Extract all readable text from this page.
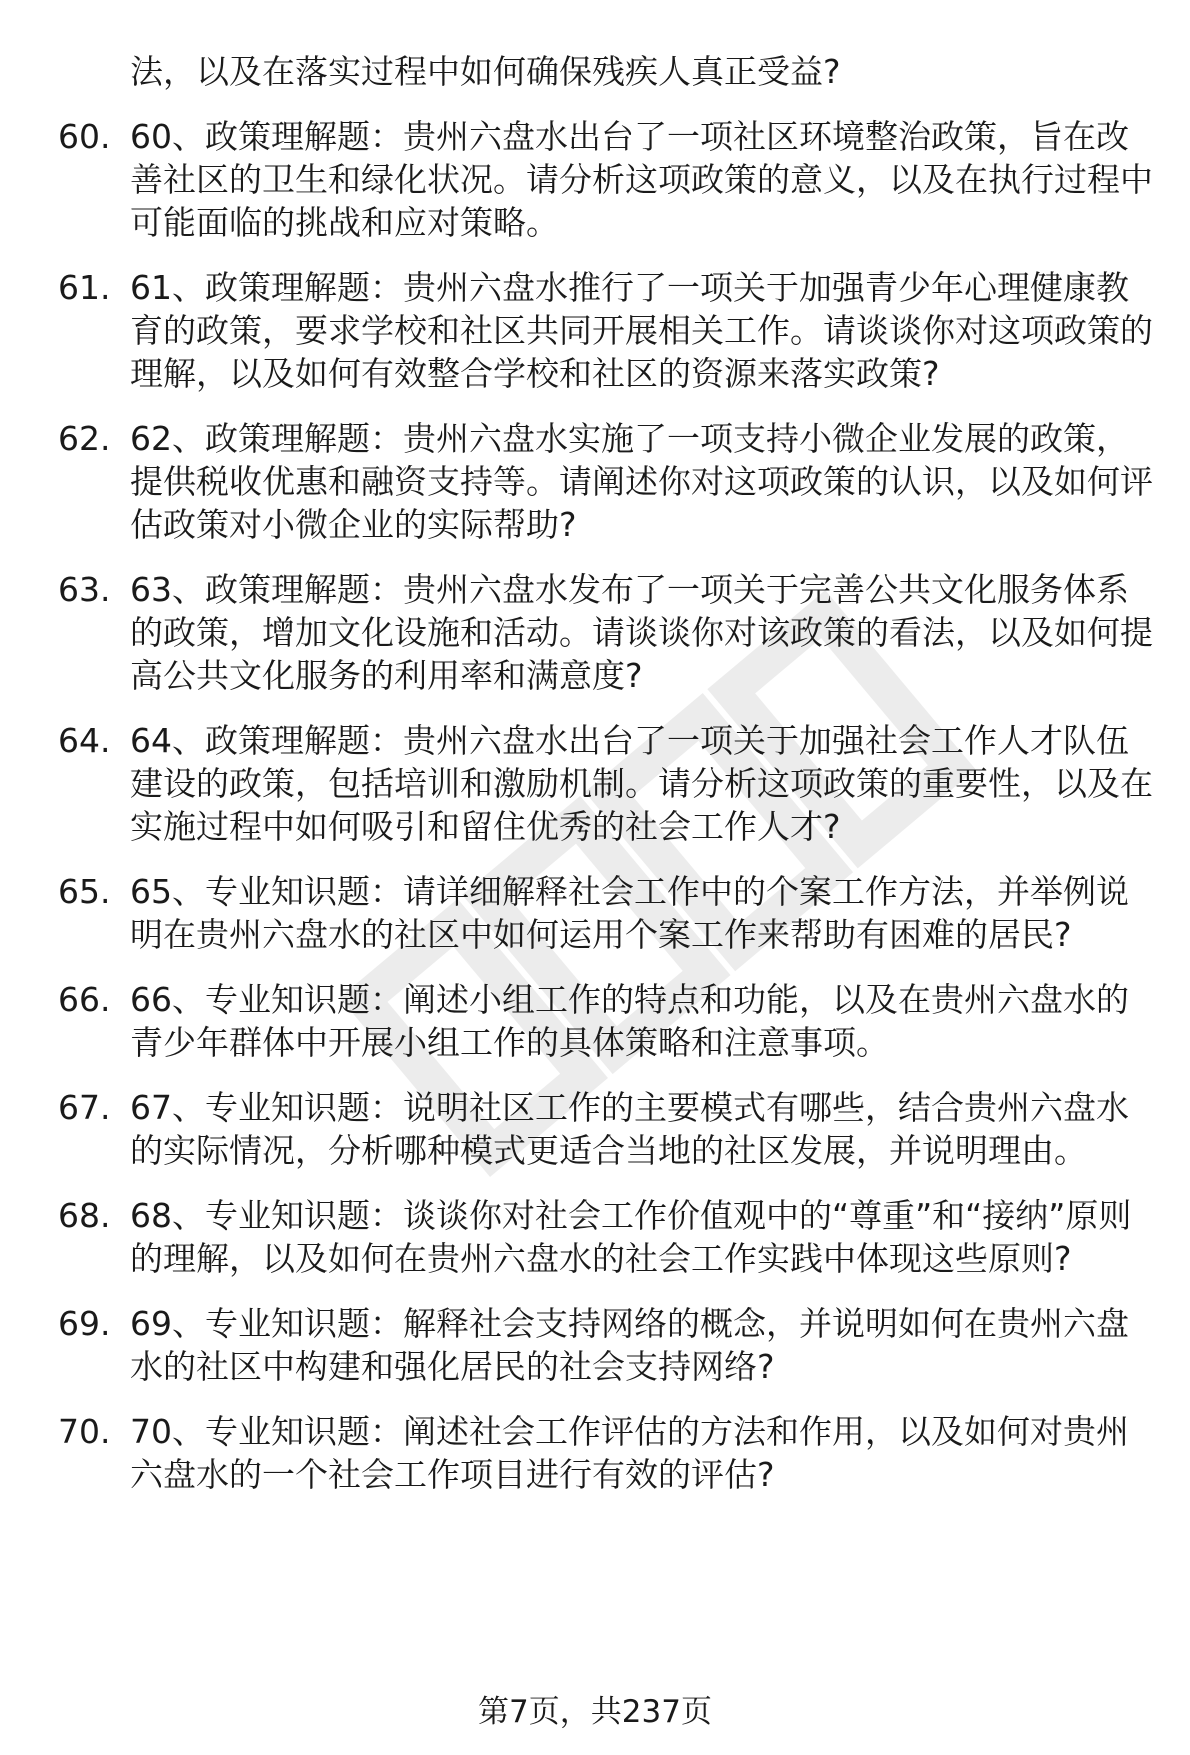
法，以及在落实过程中如何确保残疾人真正受益?
60. 60、政策理解题：贵州六盘水出台了一项社区环境整治政策，旨在改善社区的卫生和绿化状况。请分析这项政策的意义，以及在执行过程中可能面临的挑战和应对策略。
61. 61、政策理解题：贵州六盘水推行了一项关于加强青少年心理健康教育的政策，要求学校和社区共同开展相关工作。请谈谈你对这项政策的理解，以及如何有效整合学校和社区的资源来落实政策?
62. 62、政策理解题：贵州六盘水实施了一项支持小微企业发展的政策，提供税收优惠和融资支持等。请阐述你对这项政策的认识，以及如何评估政策对小微企业的实际帮助?
63. 63、政策理解题：贵州六盘水发布了一项关于完善公共文化服务体系的政策，增加文化设施和活动。请谈谈你对该政策的看法，以及如何提高公共文化服务的利用率和满意度?
64. 64、政策理解题：贵州六盘水出台了一项关于加强社会工作人才队伍建设的政策，包括培训和激励机制。请分析这项政策的重要性，以及在实施过程中如何吸引和留住优秀的社会工作人才?
65. 65、专业知识题：请详细解释社会工作中的个案工作方法，并举例说明在贵州六盘水的社区中如何运用个案工作来帮助有困难的居民?
66. 66、专业知识题：阐述小组工作的特点和功能，以及在贵州六盘水的青少年群体中开展小组工作的具体策略和注意事项。
67. 67、专业知识题：说明社区工作的主要模式有哪些，结合贵州六盘水的实际情况，分析哪种模式更适合当地的社区发展，并说明理由。
68. 68、专业知识题：谈谈你对社会工作价值观中的“尊重”和“接纳”原则的理解，以及如何在贵州六盘水的社会工作实践中体现这些原则?
69. 69、专业知识题：解释社会支持网络的概念，并说明如何在贵州六盘水的社区中构建和强化居民的社会支持网络?
70. 70、专业知识题：阐述社会工作评估的方法和作用，以及如何对贵州六盘水的一个社会工作项目进行有效的评估?
第7页，共237页
